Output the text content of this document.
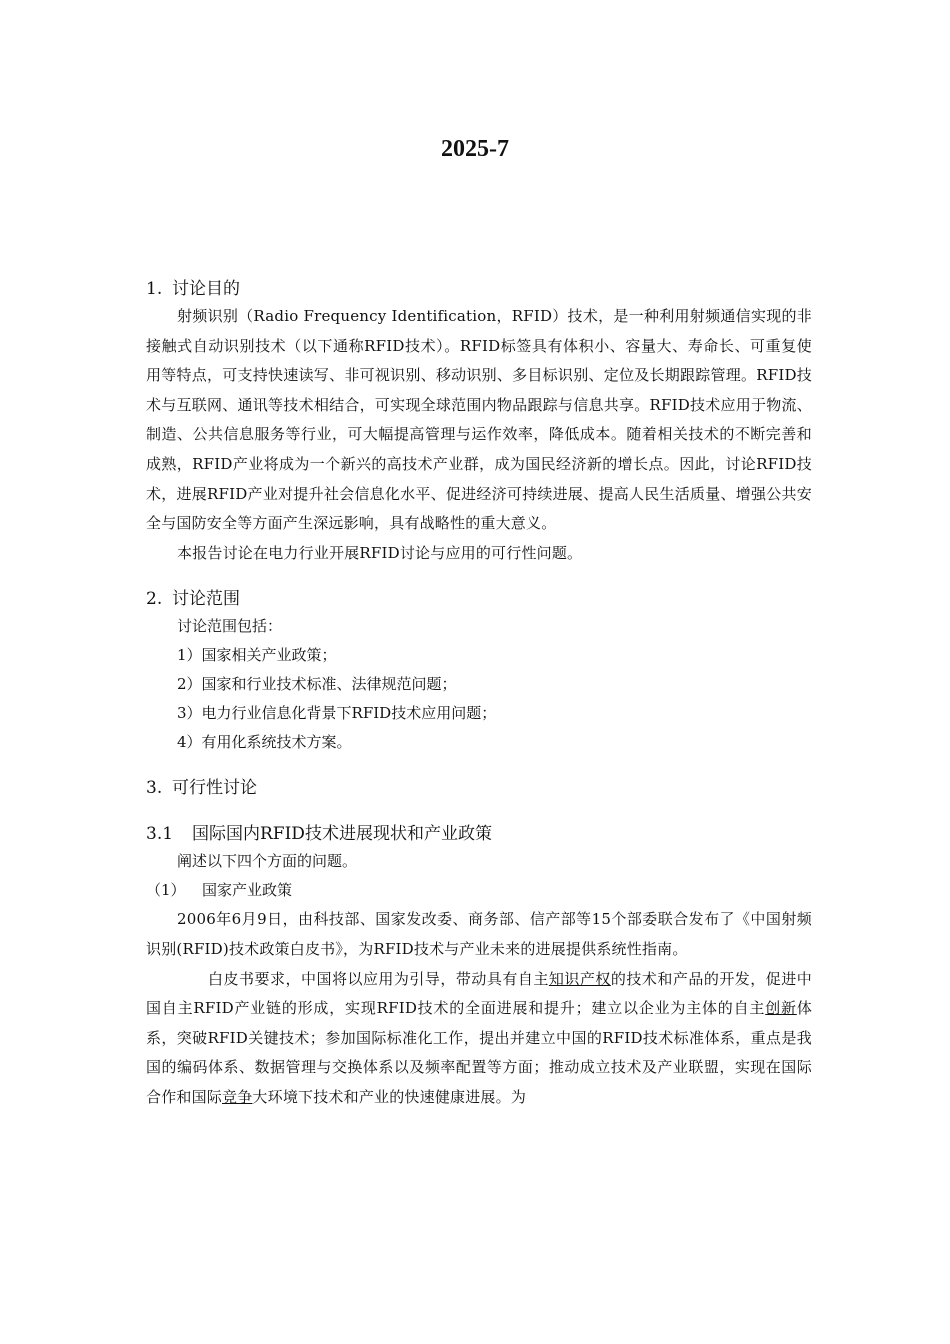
2025-7
1. 讨论目的
射频识别（Radio Frequency Identification，RFID）技术，是一种利用射频通信实现的非接触式自动识别技术（以下通称RFID技术）。RFID标签具有体积小、容量大、寿命长、可重复使用等特点，可支持快速读写、非可视识别、移动识别、多目标识别、定位及长期跟踪管理。RFID技术与互联网、通讯等技术相结合，可实现全球范围内物品跟踪与信息共享。RFID技术应用于物流、制造、公共信息服务等行业，可大幅提高管理与运作效率，降低成本。随着相关技术的不断完善和成熟，RFID产业将成为一个新兴的高技术产业群，成为国民经济新的增长点。因此，讨论RFID技术，进展RFID产业对提升社会信息化水平、促进经济可持续进展、提高人民生活质量、增强公共安全与国防安全等方面产生深远影响，具有战略性的重大意义。
本报告讨论在电力行业开展RFID讨论与应用的可行性问题。
2. 讨论范围
讨论范围包括：
1）国家相关产业政策；
2）国家和行业技术标准、法律规范问题；
3）电力行业信息化背景下RFID技术应用问题；
4）有用化系统技术方案。
3. 可行性讨论
3.1 国际国内RFID技术进展现状和产业政策
阐述以下四个方面的问题。
（1） 国家产业政策
2006年6月9日，由科技部、国家发改委、商务部、信产部等15个部委联合发布了《中国射频识别(RFID)技术政策白皮书》，为RFID技术与产业未来的进展提供系统性指南。
白皮书要求，中国将以应用为引导，带动具有自主知识产权的技术和产品的开发，促进中国自主RFID产业链的形成，实现RFID技术的全面进展和提升；建立以企业为主体的自主创新体系，突破RFID关键技术；参加国际标准化工作，提出并建立中国的RFID技术标准体系，重点是我国的编码体系、数据管理与交换体系以及频率配置等方面；推动成立技术及产业联盟，实现在国际合作和国际竞争大环境下技术和产业的快速健康进展。为
